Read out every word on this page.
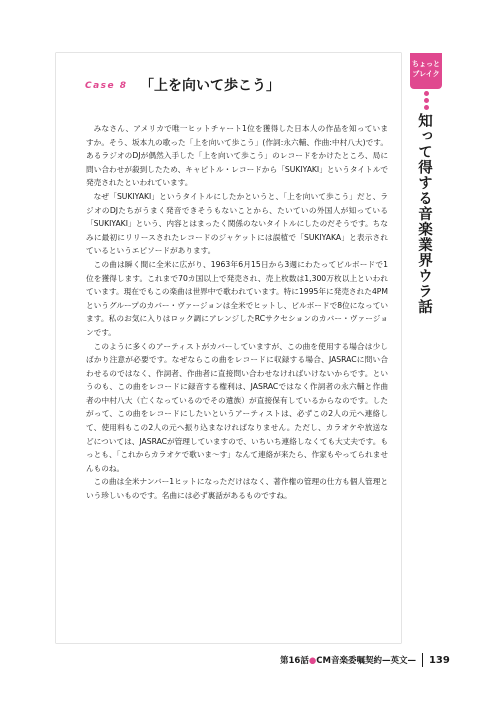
Case 8 「上を向いて歩こう」

みなさん、アメリカで唯一ヒットチャート1位を獲得した日本人の作品を知っていますか。そう、坂本九の歌った「上を向いて歩こう」(作詞:永六輔、作曲:中村八大)です。あるラジオのDJが偶然入手した「上を向いて歩こう」のレコードをかけたところ、局に問い合わせが殺到したため、キャピトル・レコードから「SUKIYAKI」というタイトルで発売されたといわれています。

なぜ「SUKIYAKI」というタイトルにしたかというと、「上を向いて歩こう」だと、ラジオのDJたちがうまく発音できそうもないことから、たいていの外国人が知っている「SUKIYAKI」という、内容とはまったく関係のないタイトルにしたのだそうです。ちなみに最初にリリースされたレコードのジャケットには誤植で「SUKIYAKA」と表示されているというエピソードがあります。

この曲は瞬く間に全米に広がり、1963年6月15日から3週にわたってビルボードで1位を獲得します。これまで70カ国以上で発売され、売上枚数は1,300万枚以上といわれています。現在でもこの楽曲は世界中で歌われています。特に1995年に発売された4PMというグループのカバー・ヴァージョンは全米でヒットし、ビルボードで8位になっています。私のお気に入りはロック調にアレンジしたRCサクセションのカバー・ヴァージョンです。

このように多くのアーティストがカバーしていますが、この曲を使用する場合は少しばかり注意が必要です。なぜならこの曲をレコードに収録する場合、JASRACに問い合わせるのではなく、作詞者、作曲者に直接問い合わせなければいけないからです。というのも、この曲をレコードに録音する権利は、JASRACではなく作詞者の永六輔と作曲者の中村八大（亡くなっているのでその遺族）が直接保有しているからなのです。したがって、この曲をレコードにしたいというアーティストは、必ずこの2人の元へ連絡して、使用料もこの2人の元へ振り込まなければなりません。ただし、カラオケや放送などについては、JASRACが管理していますので、いちいち連絡しなくても大丈夫です。もっとも、「これからカラオケで歌いま〜す」なんて連絡が来たら、作家もやってられませんものね。

この曲は全米ナンバー1ヒットになっただけはなく、著作権の管理の仕方も個人管理という珍しいものです。名曲には必ず裏話があるものですね。

ちょっと
ブレイク
知って得する音楽業界ウラ話
第16話●CM音楽委嘱契約—英文— 139
